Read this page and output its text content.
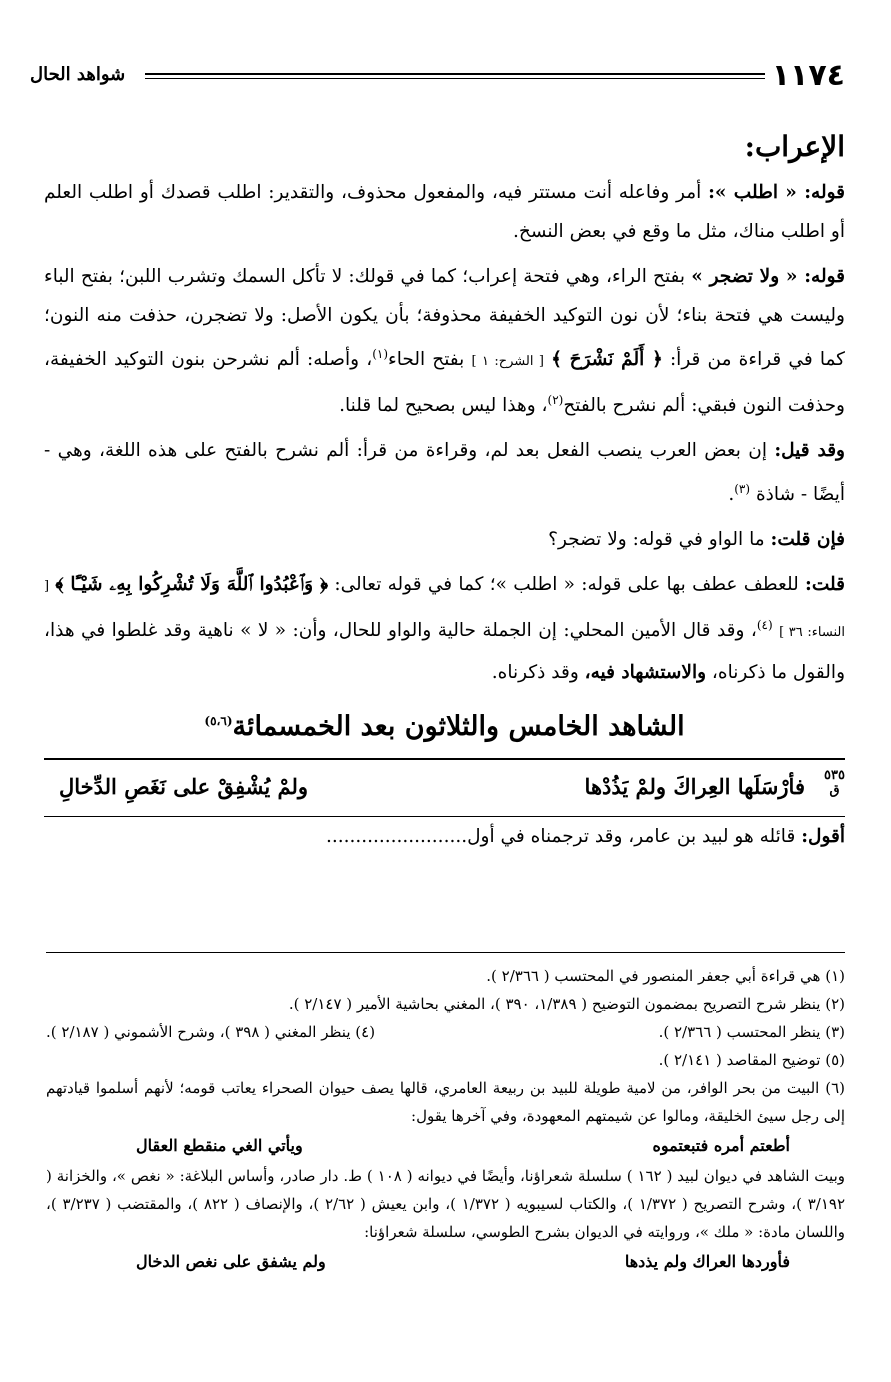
١١٧٤
شواهد الحال
الإعراب:

قوله: « اطلب »: أمر وفاعله أنت مستتر فيه، والمفعول محذوف، والتقدير: اطلب قصدك أو اطلب العلم أو اطلب مناك، مثل ما وقع في بعض النسخ.

قوله: « ولا تضجر » بفتح الراء، وهي فتحة إعراب؛ كما في قولك: لا تأكل السمك وتشرب اللبن؛ بفتح الباء وليست هي فتحة بناء؛ لأن نون التوكيد الخفيفة محذوفة؛ بأن يكون الأصل: ولا تضجرن، حذفت منه النون؛ كما في قراءة من قرأ: ﴿ أَلَمْ نَشْرَحَ ﴾ [ الشرح: ١ ] بفتح الحاء$^{(١)}$، وأصله: ألم نشرحن بنون التوكيد الخفيفة، وحذفت النون فبقي: ألم نشرح بالفتح$^{(٢)}$، وهذا ليس بصحيح لما قلنا.

وقد قيل: إن بعض العرب ينصب الفعل بعد لم، وقراءة من قرأ: ألم نشرح بالفتح على هذه اللغة، وهي - أيضًا - شاذة $^{(٣)}$.

فإن قلت: ما الواو في قوله: ولا تضجر؟

قلت: للعطف عطف بها على قوله: « اطلب »؛ كما في قوله تعالى: ﴿ وَٱعْبُدُوا ٱللَّهَ وَلَا تُشْرِكُوا بِهِۦ شَيْـًٔا ﴾ [ النساء: ٣٦ ] $^{(٤)}$، وقد قال الأمين المحلي: إن الجملة حالية والواو للحال، وأن: « لا » ناهية وقد غلطوا في هذا، والقول ما ذكرناه، والاستشهاد فيه، وقد ذكرناه.

الشاهد الخامس والثلاثون بعد الخمسمائة$^{(٥،٦)}$
٥٣٥
ق
فأرْسَلَها العِراكَ ولمْ يَذُدْها
ولمْ يُشْفِقْ على نَغَصِ الدِّخالِ

أقول: قائله هو لبيد بن عامر، وقد ترجمناه في أول........................

(١) هي قراءة أبي جعفر المنصور في المحتسب ( ٢/٣٦٦ ).

(٢) ينظر شرح التصريح بمضمون التوضيح ( ١/٣٨٩، ٣٩٠ )، المغني بحاشية الأمير ( ٢/١٤٧ ).

(٣) ينظر المحتسب ( ٢/٣٦٦ ).
(٤) ينظر المغني ( ٣٩٨ )، وشرح الأشموني ( ٢/١٨٧ ).

(٥) توضيح المقاصد ( ٢/١٤١ ).

(٦) البيت من بحر الوافر، من لامية طويلة للبيد بن ربيعة العامري، قالها يصف حيوان الصحراء يعاتب قومه؛ لأنهم أسلموا قيادتهم إلى رجل سيئ الخليقة، ومالوا عن شيمتهم المعهودة، وفي آخرها يقول:

أطعتم أمره فتبعتموه
ويأتي الغي منقطع العقال

وبيت الشاهد في ديوان لبيد ( ١٦٢ ) سلسلة شعراؤنا، وأيضًا في ديوانه ( ١٠٨ ) ط. دار صادر، وأساس البلاغة: « نغص »، والخزانة ( ٣/١٩٢ )، وشرح التصريح ( ١/٣٧٢ )، والكتاب لسيبويه ( ١/٣٧٢ )، وابن يعيش ( ٢/٦٢ )، والإنصاف ( ٨٢٢ )، والمقتضب ( ٣/٢٣٧ )، واللسان مادة: « ملك »، وروايته في الديوان بشرح الطوسي، سلسلة شعراؤنا:

فأوردها العراك ولم يذدها
ولم يشفق على نغص الدخال
